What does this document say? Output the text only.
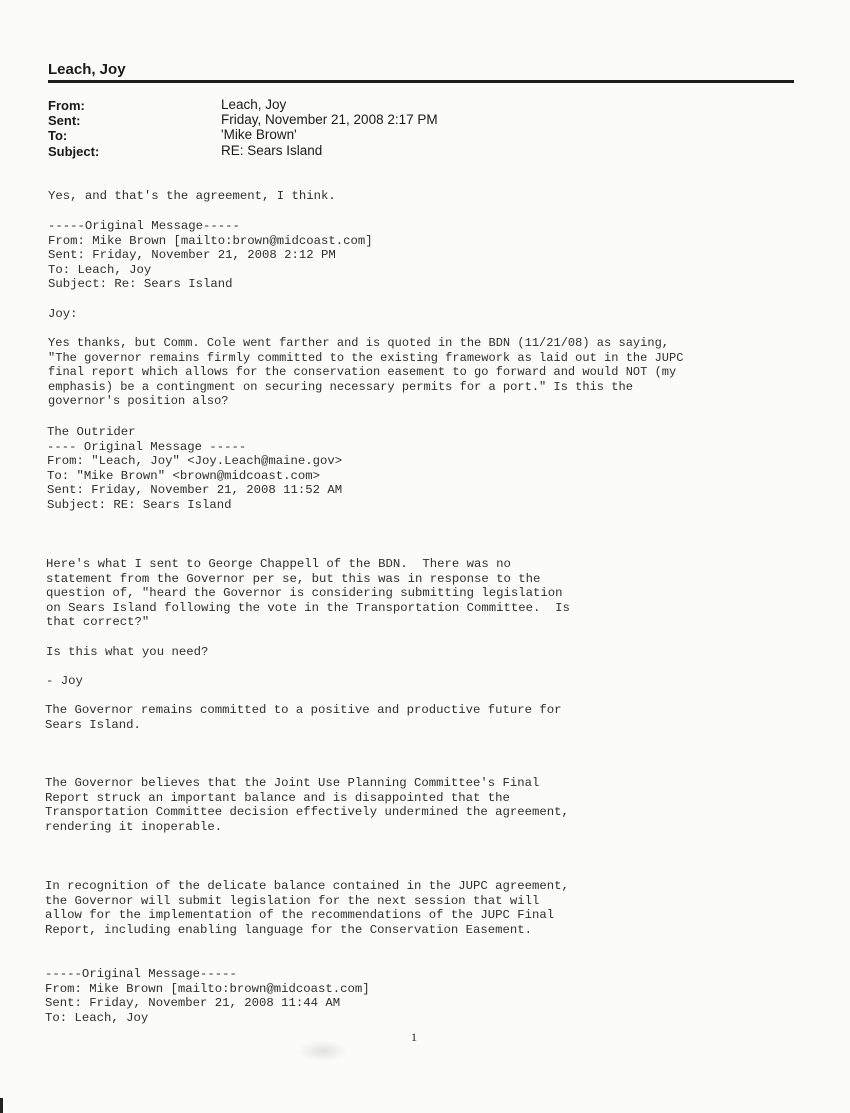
Leach, Joy
From:
Sent:
To:
Subject:
Leach, Joy
Friday, November 21, 2008 2:17 PM
'Mike Brown'
RE: Sears Island
Yes, and that's the agreement, I think.
-----Original Message-----
From: Mike Brown [mailto:brown@midcoast.com]
Sent: Friday, November 21, 2008 2:12 PM
To: Leach, Joy
Subject: Re: Sears Island
Joy:
Yes thanks, but Comm. Cole went farther and is quoted in the BDN (11/21/08) as saying,
"The governor remains firmly committed to the existing framework as laid out in the JUPC
final report which allows for the conservation easement to go forward and would NOT (my
emphasis) be a contingment on securing necessary permits for a port." Is this the
governor's position also?
The Outrider
---- Original Message -----
From: "Leach, Joy" <Joy.Leach@maine.gov>
To: "Mike Brown" <brown@midcoast.com>
Sent: Friday, November 21, 2008 11:52 AM
Subject: RE: Sears Island
Here's what I sent to George Chappell of the BDN.  There was no
statement from the Governor per se, but this was in response to the
question of, "heard the Governor is considering submitting legislation
on Sears Island following the vote in the Transportation Committee.  Is
that correct?"
Is this what you need?
- Joy
The Governor remains committed to a positive and productive future for
Sears Island.
The Governor believes that the Joint Use Planning Committee's Final
Report struck an important balance and is disappointed that the
Transportation Committee decision effectively undermined the agreement,
rendering it inoperable.
In recognition of the delicate balance contained in the JUPC agreement,
the Governor will submit legislation for the next session that will
allow for the implementation of the recommendations of the JUPC Final
Report, including enabling language for the Conservation Easement.
-----Original Message-----
From: Mike Brown [mailto:brown@midcoast.com]
Sent: Friday, November 21, 2008 11:44 AM
To: Leach, Joy
1
